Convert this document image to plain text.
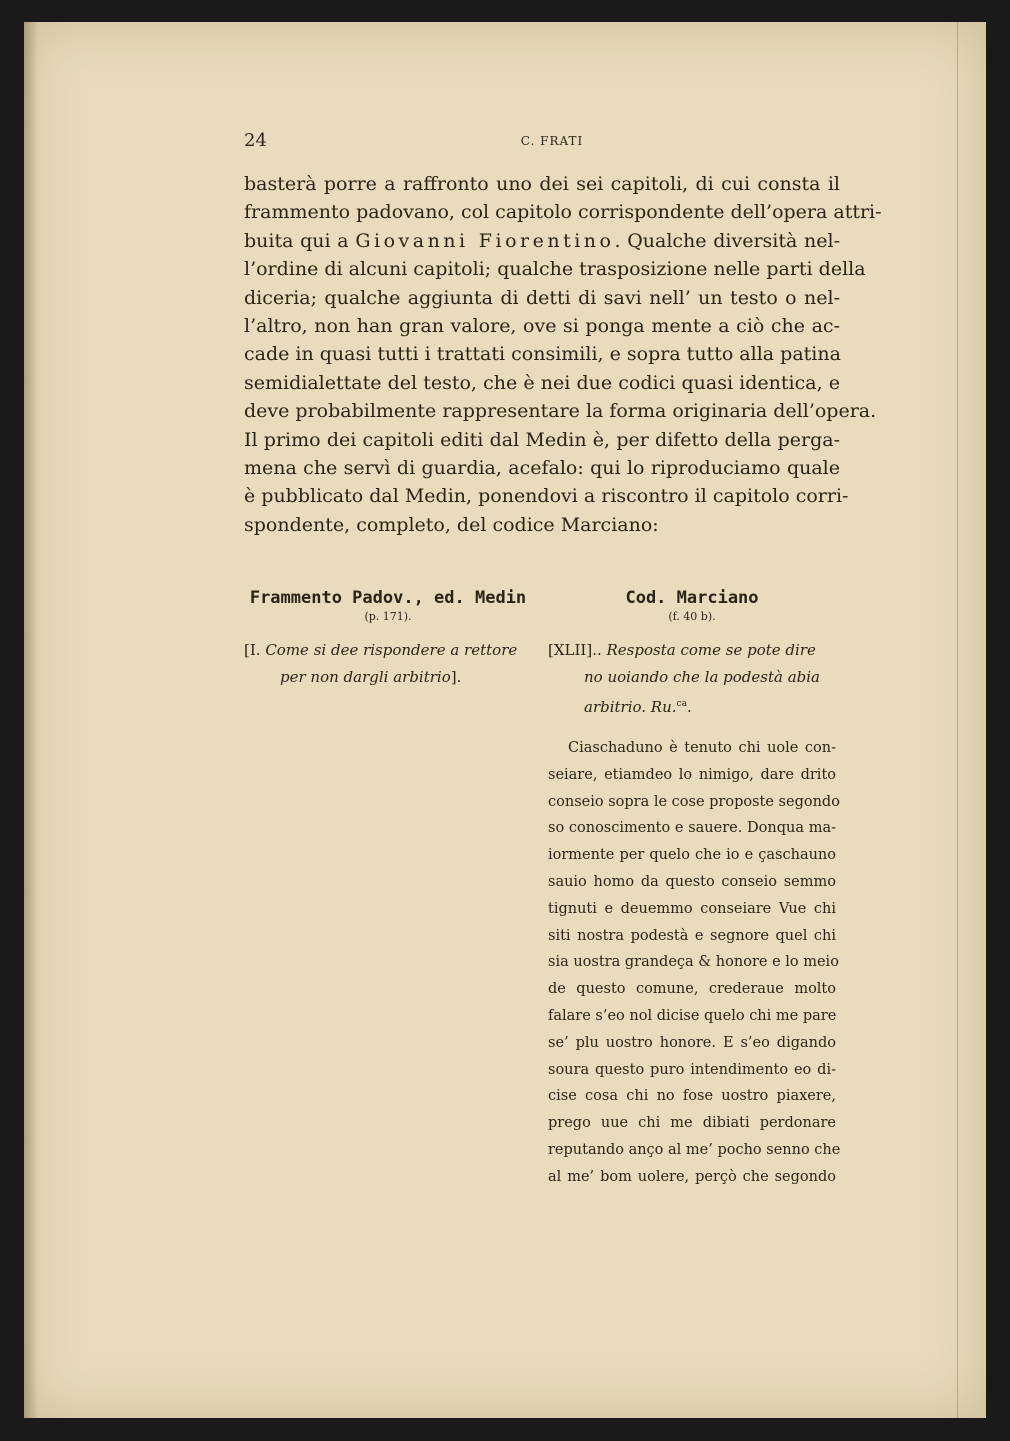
24	C. FRATI
basterà porre a raffronto uno dei sei capitoli, di cui consta il
frammento padovano, col capitolo corrispondente dell’opera attri-
buita qui a Giovanni Fiorentino. Qualche diversità nel-
l’ordine di alcuni capitoli; qualche trasposizione nelle parti della
diceria; qualche aggiunta di detti di savi nell’ un testo o nel-
l’altro, non han gran valore, ove si ponga mente a ciò che ac-
cade in quasi tutti i trattati consimili, e sopra tutto alla patina
semidialettate del testo, che è nei due codici quasi identica, e
deve probabilmente rappresentare la forma originaria dell’opera.
Il primo dei capitoli editi dal Medin è, per difetto della perga-
mena che servì di guardia, acefalo: qui lo riproduciamo quale
è pubblicato dal Medin, ponendovi a riscontro il capitolo corri-
spondente, completo, del codice Marciano:
Frammento Padov., ed. Medin
(p. 171).
[I. Come si dee rispondere a rettore
per non dargli arbitrio].
Cod. Marciano
(f. 40 b).
[XLII].. Resposta come se pote dire
no uoiando che la podestà abia
arbitrio. Ru.$^{ca}$.
Ciaschaduno è tenuto chi uole con-
seiare, etiamdeo lo nimigo, dare drito
conseio sopra le cose proposte segondo
so conoscimento e sauere. Donqua ma-
iormente per quelo che io e çaschauno
sauio homo da questo conseio semmo
tignuti e deuemmo conseiare Vue chi
siti nostra podestà e segnore quel chi
sia uostra grandeça & honore e lo meio
de questo comune, crederaue molto
falare s’eo nol dicise quelo chi me pare
se’ plu uostro honore. E s’eo digando
soura questo puro intendimento eo di-
cise cosa chi no fose uostro piaxere,
prego uue chi me dibiati perdonare
reputando anço al me’ pocho senno che
al me’ bom uolere, perçò che segondo
